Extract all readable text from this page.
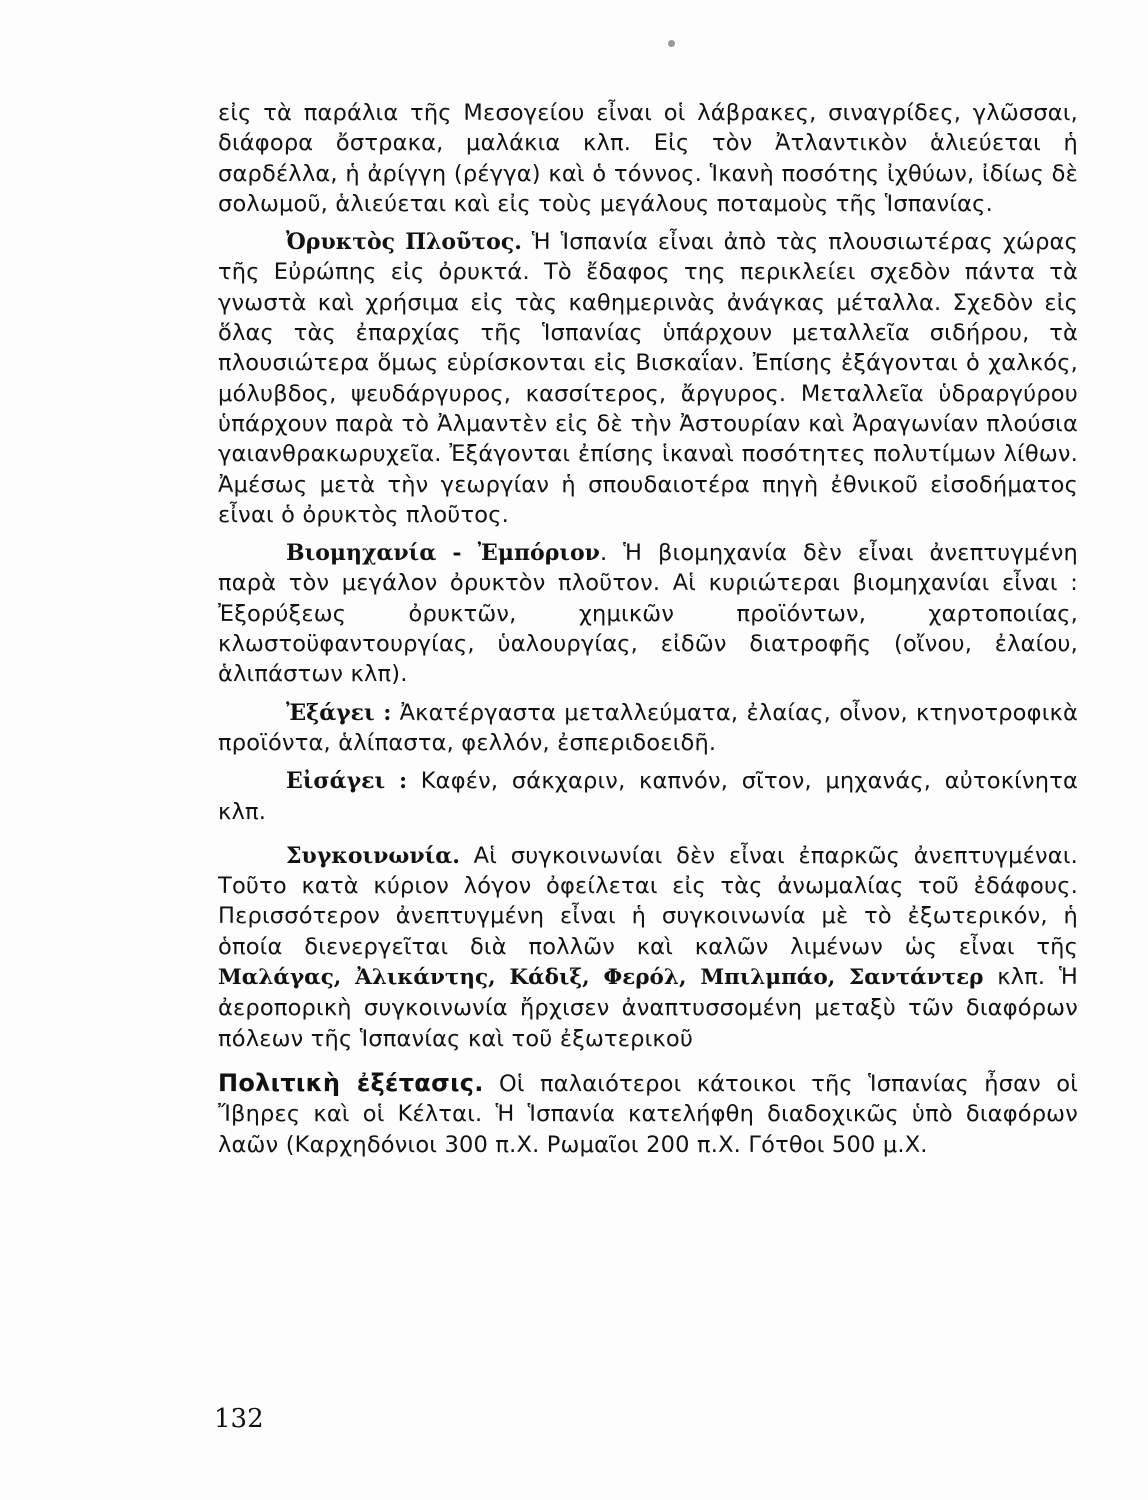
εἰς τὰ παράλια τῆς Μεσογείου εἶναι οἱ λάβρακες, σιναγρίδες, γλῶσσαι, διάφορα ὄστρακα, μαλάκια κλπ. Εἰς τὸν Ἀτλαντικὸν ἁλιεύεται ἡ σαρδέλλα, ἡ ἀρίγγη (ρέγγα) καὶ ὁ τόννος. Ἱκανὴ ποσότης ἰχθύων, ἰδίως δὲ σολωμοῦ, ἁλιεύεται καὶ εἰς τοὺς μεγάλους ποταμοὺς τῆς Ἱσπανίας.

Ὀρυκτὸς Πλοῦτος. Ἡ Ἱσπανία εἶναι ἀπὸ τὰς πλουσιωτέρας χώρας τῆς Εὐρώπης εἰς ὀρυκτά. Τὸ ἔδαφος της περικλείει σχεδὸν πάντα τὰ γνωστὰ καὶ χρήσιμα εἰς τὰς καθημερινὰς ἀνάγκας μέταλλα. Σχεδὸν εἰς ὅλας τὰς ἐπαρχίας τῆς Ἱσπανίας ὑπάρχουν μεταλλεῖα σιδήρου, τὰ πλουσιώτερα ὅμως εὑρίσκονται εἰς Βισκαΐαν. Ἐπίσης ἐξάγονται ὁ χαλκός, μόλυβδος, ψευδάργυρος, κασσίτερος, ἄργυρος. Μεταλλεῖα ὑδραργύρου ὑπάρχουν παρὰ τὸ Ἀλμαντὲν εἰς δὲ τὴν Ἀστουρίαν καὶ Ἀραγωνίαν πλούσια γαιανθρακωρυχεῖα. Ἐξάγονται ἐπίσης ἱκαναὶ ποσότητες πολυτίμων λίθων. Ἀμέσως μετὰ τὴν γεωργίαν ἡ σπουδαιοτέρα πηγὴ ἐθνικοῦ εἰσοδήματος εἶναι ὁ ὀρυκτὸς πλοῦτος.

Βιομηχανία - Ἐμπόριον. Ἡ βιομηχανία δὲν εἶναι ἀνεπτυγμένη παρὰ τὸν μεγάλον ὀρυκτὸν πλοῦτον. Αἱ κυριώτεραι βιομηχανίαι εἶναι : Ἐξορύξεως ὀρυκτῶν, χημικῶν προϊόντων, χαρτοποιίας, κλωστοϋφαντουργίας, ὑαλουργίας, εἰδῶν διατροφῆς (οἴνου, ἐλαίου, ἁλιπάστων κλπ).

Ἐξάγει : Ἀκατέργαστα μεταλλεύματα, ἐλαίας, οἶνον, κτηνοτροφικὰ προϊόντα, ἁλίπαστα, φελλόν, ἐσπεριδοειδῆ.

Εἰσάγει : Καφέν, σάκχαριν, καπνόν, σῖτον, μηχανάς, αὐτοκίνητα κλπ.

Συγκοινωνία. Αἱ συγκοινωνίαι δὲν εἶναι ἐπαρκῶς ἀνεπτυγμέναι. Τοῦτο κατὰ κύριον λόγον ὀφείλεται εἰς τὰς ἀνωμαλίας τοῦ ἐδάφους. Περισσότερον ἀνεπτυγμένη εἶναι ἡ συγκοινωνία μὲ τὸ ἐξωτερικόν, ἡ ὁποία διενεργεῖται διὰ πολλῶν καὶ καλῶν λιμένων ὡς εἶναι τῆς Μαλάγας, Ἀλικάντης, Κάδιξ, Φερόλ, Μπιλμπάο, Σαντάντερ κλπ. Ἡ ἀεροπορικὴ συγκοινωνία ἤρχισεν ἀναπτυσσομένη μεταξὺ τῶν διαφόρων πόλεων τῆς Ἱσπανίας καὶ τοῦ ἐξωτερικοῦ

Πολιτικὴ ἐξέτασις. Οἱ παλαιότεροι κάτοικοι τῆς Ἱσπανίας ἦσαν οἱ Ἴβηρες καὶ οἱ Κέλται. Ἡ Ἱσπανία κατελήφθη διαδοχικῶς ὑπὸ διαφόρων λαῶν (Καρχηδόνιοι 300 π.Χ. Ρωμαῖοι 200 π.Χ. Γότθοι 500 μ.Χ.

132
